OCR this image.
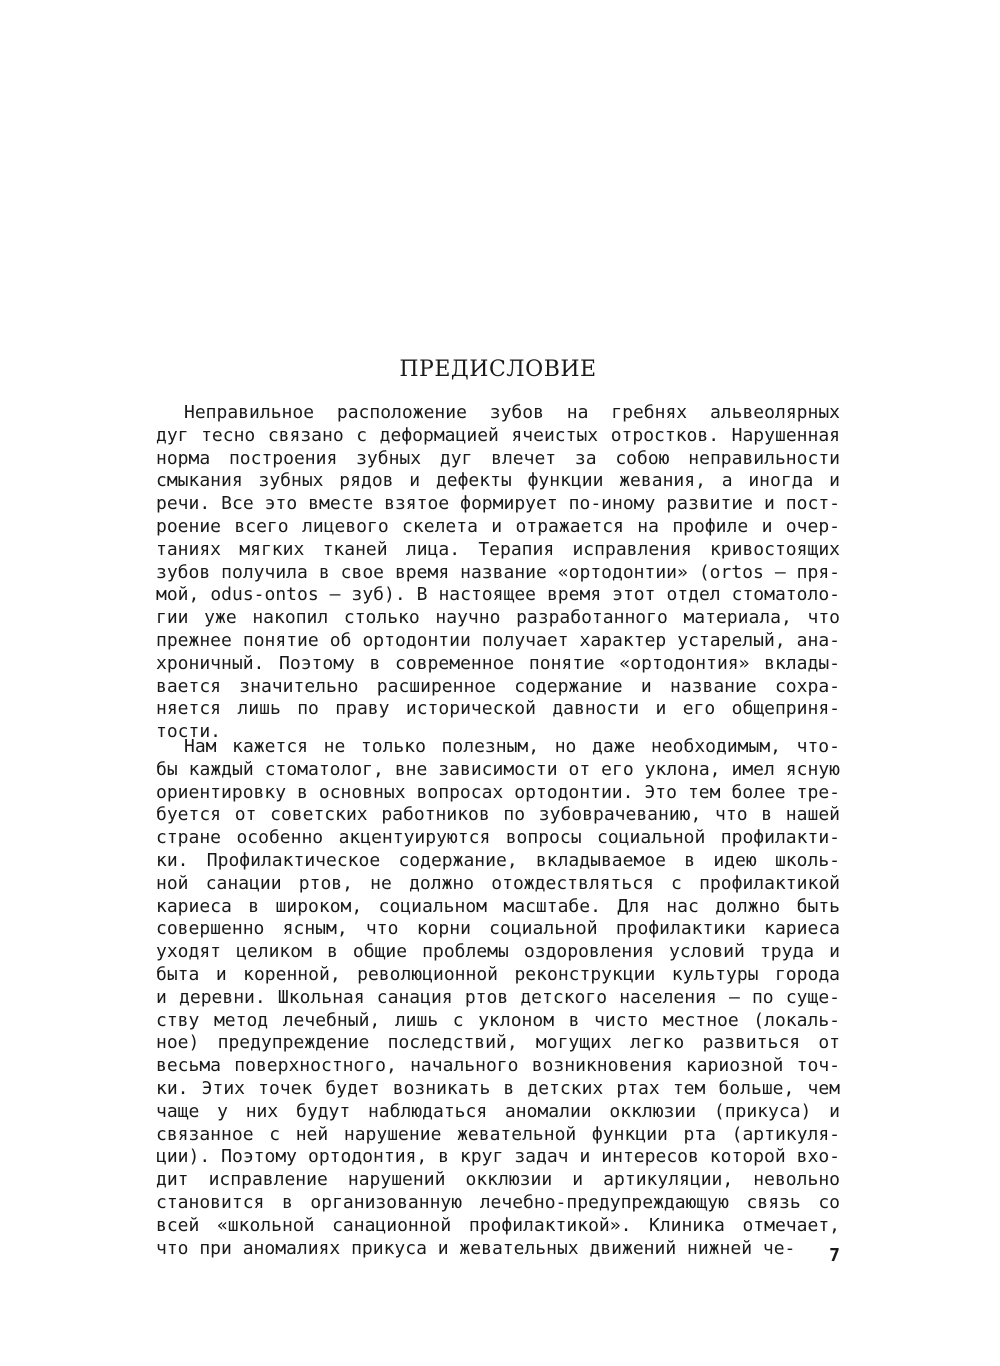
ПРЕДИСЛОВИЕ
Неправильное расположение зубов на гребнях альвеолярных
дуг тесно связано с деформацией ячеистых отростков. Нарушенная
норма построения зубных дуг влечет за собою неправильности
смыкания зубных рядов и дефекты функции жевания, а иногда и
речи. Все это вместе взятое формирует по-иному развитие и пост-
роение всего лицевого скелета и отражается на профиле и очер-
таниях мягких тканей лица. Терапия исправления кривостоящих
зубов получила в свое время название «ортодонтии» (ortos — пря-
мой, odus-ontos — зуб). В настоящее время этот отдел стоматоло-
гии уже накопил столько научно разработанного материала, что
прежнее понятие об ортодонтии получает характер устарелый, ана-
хроничный. Поэтому в современное понятие «ортодонтия» вклады-
вается значительно расширенное содержание и название сохра-
няется лишь по праву исторической давности и его общеприня-
тости.
Нам кажется не только полезным, но даже необходимым, что-
бы каждый стоматолог, вне зависимости от его уклона, имел ясную
ориентировку в основных вопросах ортодонтии. Это тем более тре-
буется от советских работников по зубоврачеванию, что в нашей
стране особенно акцентуируются вопросы социальной профилакти-
ки. Профилактическое содержание, вкладываемое в идею школь-
ной санации ртов, не должно отождествляться с профилактикой
кариеса в широком, социальном масштабе. Для нас должно быть
совершенно ясным, что корни социальной профилактики кариеса
уходят целиком в общие проблемы оздоровления условий труда и
быта и коренной, революционной реконструкции культуры города
и деревни. Школьная санация ртов детского населения — по суще-
ству метод лечебный, лишь с уклоном в чисто местное (локаль-
ное) предупреждение последствий, могущих легко развиться от
весьма поверхностного, начального возникновения кариозной точ-
ки. Этих точек будет возникать в детских ртах тем больше, чем
чаще у них будут наблюдаться аномалии окклюзии (прикуса) и
связанное с ней нарушение жевательной функции рта (артикуля-
ции). Поэтому ортодонтия, в круг задач и интересов которой вхо-
дит исправление нарушений окклюзии и артикуляции, невольно
становится в организованную лечебно-предупреждающую связь со
всей «школьной санационной профилактикой». Клиника отмечает,
что при аномалиях прикуса и жевательных движений нижней че-	7
